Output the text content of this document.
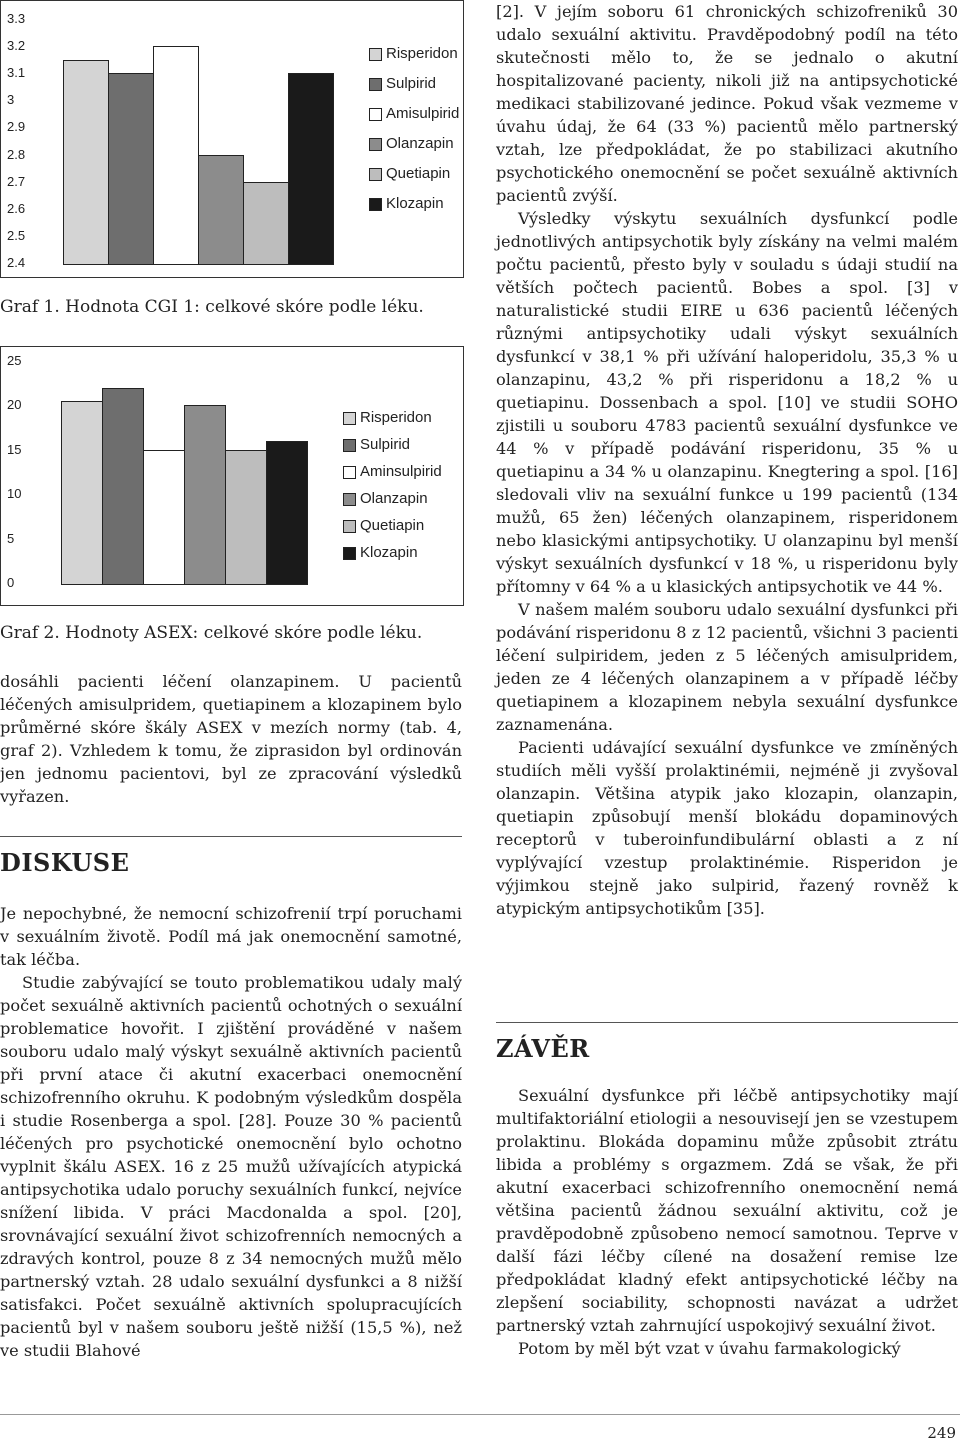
2.4
2.5
2.6
2.7
2.8
2.9
3
3.1
3.2
3.3
Risperidon
Sulpirid
Amisulpirid
Olanzapin
Quetiapin
Klozapin
Graf 1. Hodnota CGI 1: celkové skóre podle léku.
0
5
10
15
20
25
Risperidon
Sulpirid
Aminsulpirid
Olanzapin
Quetiapin
Klozapin
Graf 2. Hodnoty ASEX: celkové skóre podle léku.

dosáhli pacienti léčení olanzapinem. U pacientů léčených amisulpridem, quetiapinem a klozapinem bylo průměrné skóre škály ASEX v mezích normy (tab. 4, graf 2). Vzhledem k tomu, že ziprasidon byl ordinován jen jednomu pacientovi, byl ze zpracování výsledků vyřazen.

DISKUSE

Je nepochybné, že nemocní schizofrenií trpí poruchami v sexuálním životě. Podíl má jak onemocnění samotné, tak léčba.

Studie zabývající se touto problematikou udaly malý počet sexuálně aktivních pacientů ochotných o sexuální problematice hovořit. I zjištění prováděné v našem souboru udalo malý výskyt sexuálně aktivních pacientů při první atace či akutní exacerbaci onemocnění schizofrenního okruhu. K podobným výsledkům dospěla i studie Rosenberga a spol. [28]. Pouze 30 % pacientů léčených pro psychotické onemocnění bylo ochotno vyplnit škálu ASEX. 16 z 25 mužů užívajících atypická antipsychotika udalo poruchy sexuálních funkcí, nejvíce snížení libida. V práci Macdonalda a spol. [20], srovnávající sexuální život schizofrenních nemocných a zdravých kontrol, pouze 8 z 34 nemocných mužů mělo partnerský vztah. 28 udalo sexuální dysfunkci a 8 nižší satisfakci. Počet sexuálně aktivních spolupracujících pacientů byl v našem souboru ještě nižší (15,5 %), než ve studii Blahové

[2]. V jejím soboru 61 chronických schizofreniků 30 udalo sexuální aktivitu. Pravděpodobný podíl na této skutečnosti mělo to, že se jednalo o akutní hospitalizované pacienty, nikoli již na antipsychotické medikaci stabilizované jedince. Pokud však vezmeme v úvahu údaj, že 64 (33 %) pacientů mělo partnerský vztah, lze předpokládat, že po stabilizaci akutního psychotického onemocnění se počet sexuálně aktivních pacientů zvýší.

Výsledky výskytu sexuálních dysfunkcí podle jednotlivých antipsychotik byly získány na velmi malém počtu pacientů, přesto byly v souladu s údaji studií na větších počtech pacientů. Bobes a spol. [3] v naturalistické studii EIRE u 636 pacientů léčených různými antipsychotiky udali výskyt sexuálních dysfunkcí v 38,1 % při užívání haloperidolu, 35,3 % u olanzapinu, 43,2 % při risperidonu a 18,2 % u quetiapinu. Dossenbach a spol. [10] ve studii SOHO zjistili u souboru 4783 pacientů sexuální dysfunkce ve 44 % v případě podávání risperidonu, 35 % u quetiapinu a 34 % u olanzapinu. Knegtering a spol. [16] sledovali vliv na sexuální funkce u 199 pacientů (134 mužů, 65 žen) léčených olanzapinem, risperidonem nebo klasickými antipsychotiky. U olanzapinu byl menší výskyt sexuálních dysfunkcí v 18 %, u risperidonu byly přítomny v 64 % a u klasických antipsychotik ve 44 %.

V našem malém souboru udalo sexuální dysfunkci při podávání risperidonu 8 z 12 pacientů, všichni 3 pacienti léčení sulpiridem, jeden z 5 léčených amisulpridem, jeden ze 4 léčených olanzapinem a v případě léčby quetiapinem a klozapinem nebyla sexuální dysfunkce zaznamenána.

Pacienti udávající sexuální dysfunkce ve zmíněných studiích měli vyšší prolaktinémii, nejméně ji zvyšoval olanzapin. Většina atypik jako klozapin, olanzapin, quetiapin způsobují menší blokádu dopaminových receptorů v tuberoinfundibulární oblasti a z ní vyplývající vzestup prolaktinémie. Risperidon je výjimkou stejně jako sulpirid, řazený rovněž k atypickým antipsychotikům [35].

ZÁVĚR

Sexuální dysfunkce při léčbě antipsychotiky mají multifaktoriální etiologii a nesouvisejí jen se vzestupem prolaktinu. Blokáda dopaminu může způsobit ztrátu libida a problémy s orgazmem. Zdá se však, že při akutní exacerbaci schizofrenního onemocnění nemá většina pacientů žádnou sexuální aktivitu, což je pravděpodobně způsobeno nemocí samotnou. Teprve v další fázi léčby cílené na dosažení remise lze předpokládat kladný efekt antipsychotické léčby na zlepšení sociability, schopnosti navázat a udržet partnerský vztah zahrnující uspokojivý sexuální život.

Potom by měl být vzat v úvahu farmakologický

249
